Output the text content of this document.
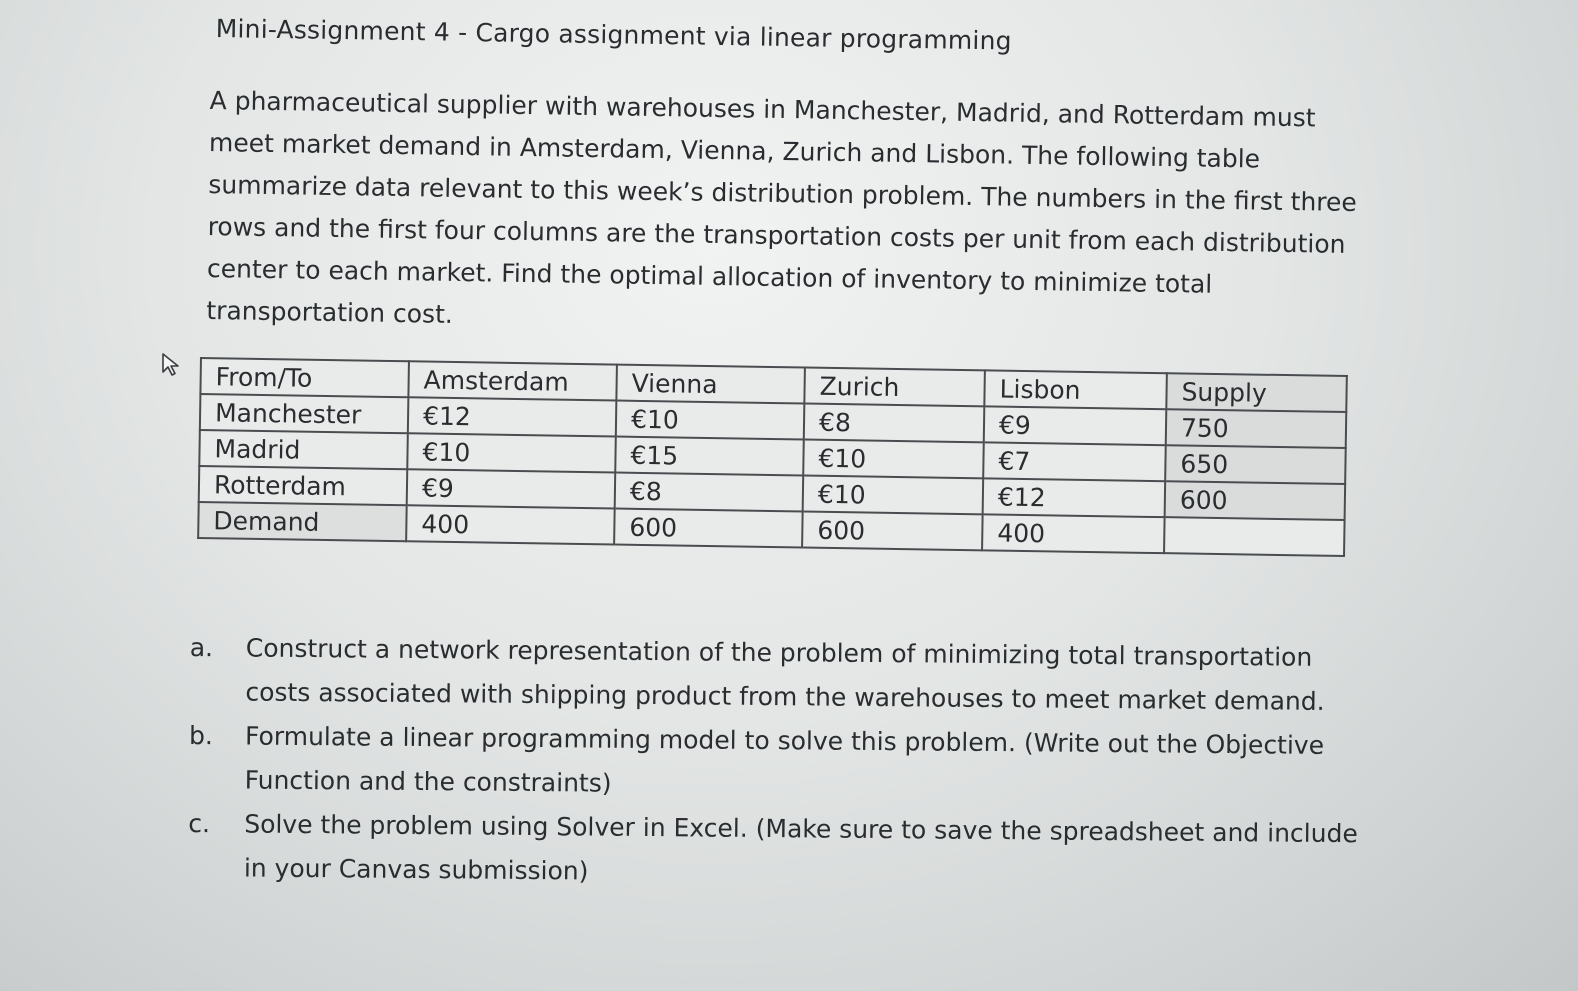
Mini-Assignment 4 - Cargo assignment via linear programming

A pharmaceutical supplier with warehouses in Manchester, Madrid, and Rotterdam must
meet market demand in Amsterdam, Vienna, Zurich and Lisbon. The following table
summarize data relevant to this week’s distribution problem. The numbers in the first three
rows and the first four columns are the transportation costs per unit from each distribution
center to each market. Find the optimal allocation of inventory to minimize total
transportation cost.

From/To	Amsterdam	Vienna	Zurich	Lisbon	Supply
Manchester	€12	€10	€8	€9	750
Madrid	€10	€15	€10	€7	650
Rotterdam	€9	€8	€10	€12	600
Demand	400	600	600	400	
a.	Construct a network representation of the problem of minimizing total transportation
costs associated with shipping product from the warehouses to meet market demand.
b.	Formulate a linear programming model to solve this problem. (Write out the Objective
Function and the constraints)
c.	Solve the problem using Solver in Excel. (Make sure to save the spreadsheet and include
in your Canvas submission)
